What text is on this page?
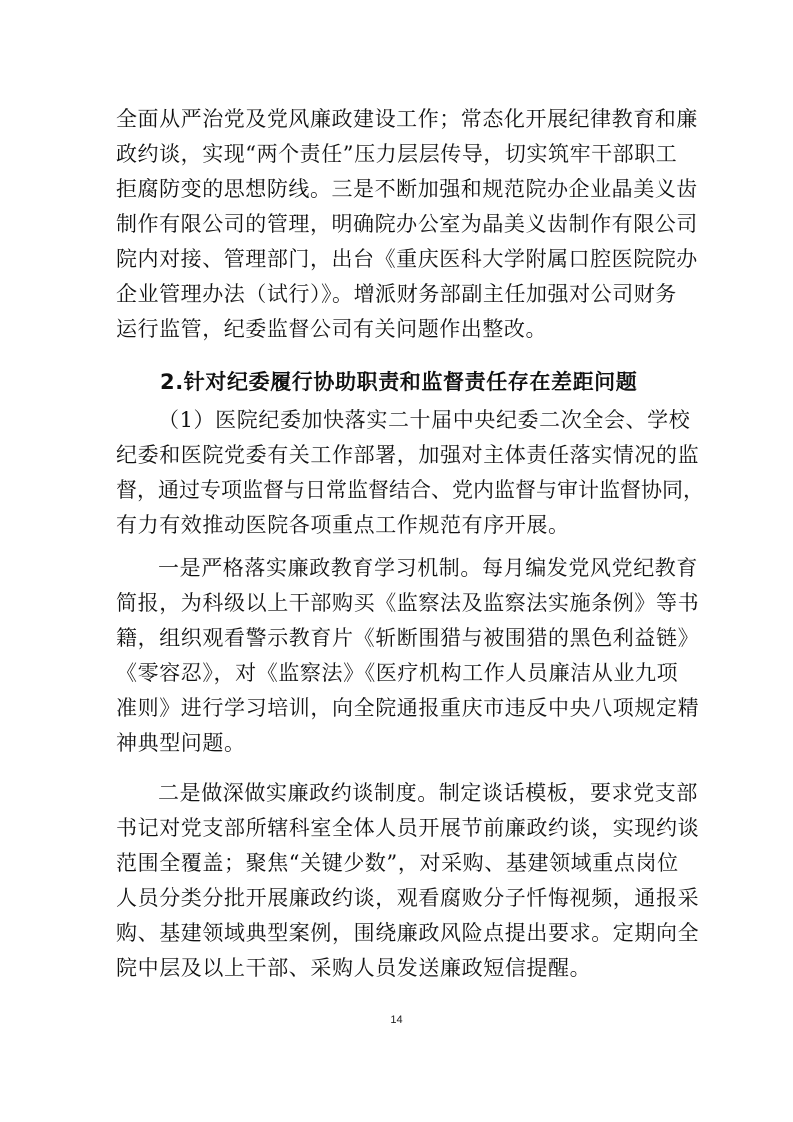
全面从严治党及党风廉政建设工作；常态化开展纪律教育和廉
政约谈，实现“两个责任”压力层层传导，切实筑牢干部职工
拒腐防变的思想防线。三是不断加强和规范院办企业晶美义齿
制作有限公司的管理，明确院办公室为晶美义齿制作有限公司
院内对接、管理部门，出台《重庆医科大学附属口腔医院院办
企业管理办法（试行）》。增派财务部副主任加强对公司财务
运行监管，纪委监督公司有关问题作出整改。
2.针对纪委履行协助职责和监督责任存在差距问题
（1）医院纪委加快落实二十届中央纪委二次全会、学校
纪委和医院党委有关工作部署，加强对主体责任落实情况的监
督，通过专项监督与日常监督结合、党内监督与审计监督协同，
有力有效推动医院各项重点工作规范有序开展。
一是严格落实廉政教育学习机制。每月编发党风党纪教育
简报，为科级以上干部购买《监察法及监察法实施条例》等书
籍，组织观看警示教育片《斩断围猎与被围猎的黑色利益链》
《零容忍》，对《监察法》《医疗机构工作人员廉洁从业九项
准则》进行学习培训，向全院通报重庆市违反中央八项规定精
神典型问题。
二是做深做实廉政约谈制度。制定谈话模板，要求党支部
书记对党支部所辖科室全体人员开展节前廉政约谈，实现约谈
范围全覆盖；聚焦“关键少数”，对采购、基建领域重点岗位
人员分类分批开展廉政约谈，观看腐败分子忏悔视频，通报采
购、基建领域典型案例，围绕廉政风险点提出要求。定期向全
院中层及以上干部、采购人员发送廉政短信提醒。
14
